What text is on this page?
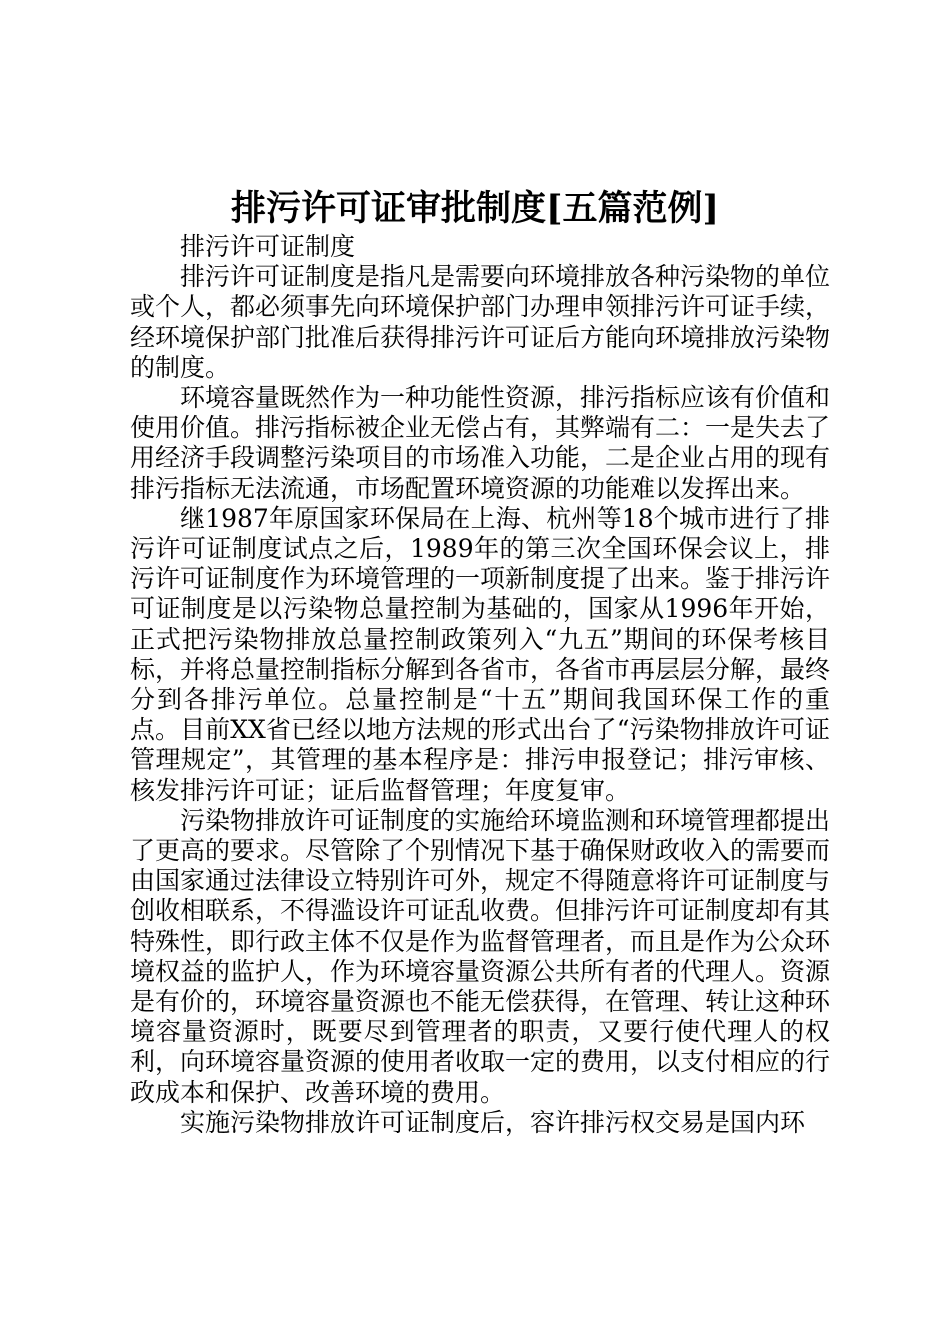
排污许可证审批制度[五篇范例]

排污许可证制度

排污许可证制度是指凡是需要向环境排放各种污染物的单位或个人，都必须事先向环境保护部门办理申领排污许可证手续，经环境保护部门批准后获得排污许可证后方能向环境排放污染物的制度。

环境容量既然作为一种功能性资源，排污指标应该有价值和使用价值。排污指标被企业无偿占有，其弊端有二：一是失去了用经济手段调整污染项目的市场准入功能，二是企业占用的现有排污指标无法流通，市场配置环境资源的功能难以发挥出来。

继1987年原国家环保局在上海、杭州等18个城市进行了排污许可证制度试点之后，1989年的第三次全国环保会议上，排污许可证制度作为环境管理的一项新制度提了出来。鉴于排污许可证制度是以污染物总量控制为基础的，国家从1996年开始，正式把污染物排放总量控制政策列入“九五”期间的环保考核目标，并将总量控制指标分解到各省市，各省市再层层分解，最终分到各排污单位。总量控制是“十五”期间我国环保工作的重点。目前XX省已经以地方法规的形式出台了“污染物排放许可证管理规定”，其管理的基本程序是：排污申报登记；排污审核、核发排污许可证；证后监督管理；年度复审。

污染物排放许可证制度的实施给环境监测和环境管理都提出了更高的要求。尽管除了个别情况下基于确保财政收入的需要而由国家通过法律设立特别许可外，规定不得随意将许可证制度与创收相联系，不得滥设许可证乱收费。但排污许可证制度却有其特殊性，即行政主体不仅是作为监督管理者，而且是作为公众环境权益的监护人，作为环境容量资源公共所有者的代理人。资源是有价的，环境容量资源也不能无偿获得，在管理、转让这种环境容量资源时，既要尽到管理者的职责，又要行使代理人的权利，向环境容量资源的使用者收取一定的费用，以支付相应的行政成本和保护、改善环境的费用。

实施污染物排放许可证制度后，容许排污权交易是国内环
